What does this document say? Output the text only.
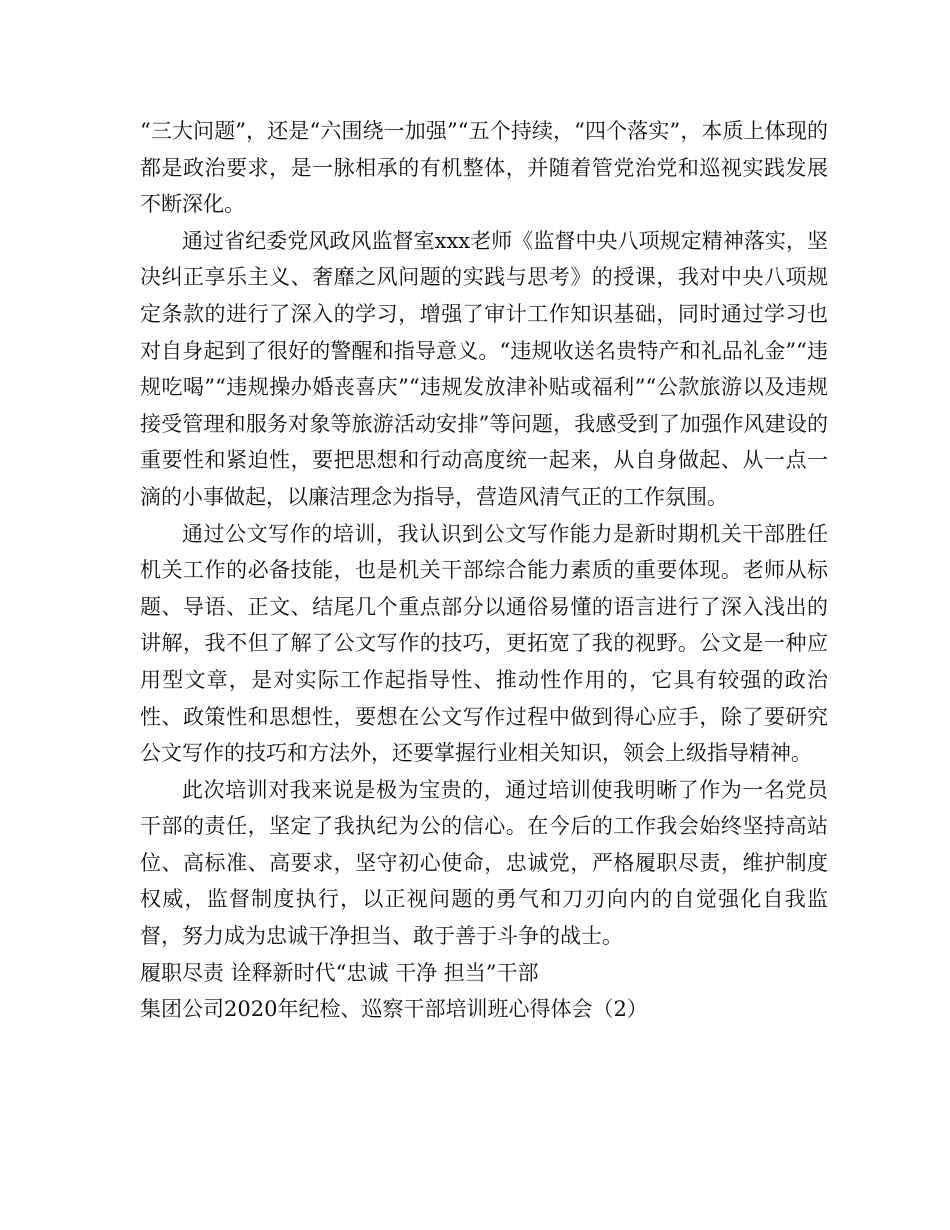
“三大问题”，还是“六围绕一加强”“五个持续，“四个落实”，本质上体现的都是政治要求，是一脉相承的有机整体，并随着管党治党和巡视实践发展不断深化。

通过省纪委党风政风监督室xxx老师《监督中央八项规定精神落实，坚决纠正享乐主义、奢靡之风问题的实践与思考》的授课，我对中央八项规定条款的进行了深入的学习，增强了审计工作知识基础，同时通过学习也对自身起到了很好的警醒和指导意义。“违规收送名贵特产和礼品礼金”“违规吃喝”“违规操办婚丧喜庆”“违规发放津补贴或福利”“公款旅游以及违规接受管理和服务对象等旅游活动安排”等问题，我感受到了加强作风建设的重要性和紧迫性，要把思想和行动高度统一起来，从自身做起、从一点一滴的小事做起，以廉洁理念为指导，营造风清气正的工作氛围。

通过公文写作的培训，我认识到公文写作能力是新时期机关干部胜任机关工作的必备技能，也是机关干部综合能力素质的重要体现。老师从标题、导语、正文、结尾几个重点部分以通俗易懂的语言进行了深入浅出的讲解，我不但了解了公文写作的技巧，更拓宽了我的视野。公文是一种应用型文章，是对实际工作起指导性、推动性作用的，它具有较强的政治性、政策性和思想性，要想在公文写作过程中做到得心应手，除了要研究公文写作的技巧和方法外，还要掌握行业相关知识，领会上级指导精神。

此次培训对我来说是极为宝贵的，通过培训使我明晰了作为一名党员干部的责任，坚定了我执纪为公的信心。在今后的工作我会始终坚持高站位、高标准、高要求，坚守初心使命，忠诚党，严格履职尽责，维护制度权威，监督制度执行，以正视问题的勇气和刀刃向内的自觉强化自我监督，努力成为忠诚干净担当、敢于善于斗争的战士。

履职尽责 诠释新时代“忠诚 干净 担当”干部

集团公司2020年纪检、巡察干部培训班心得体会（2）
